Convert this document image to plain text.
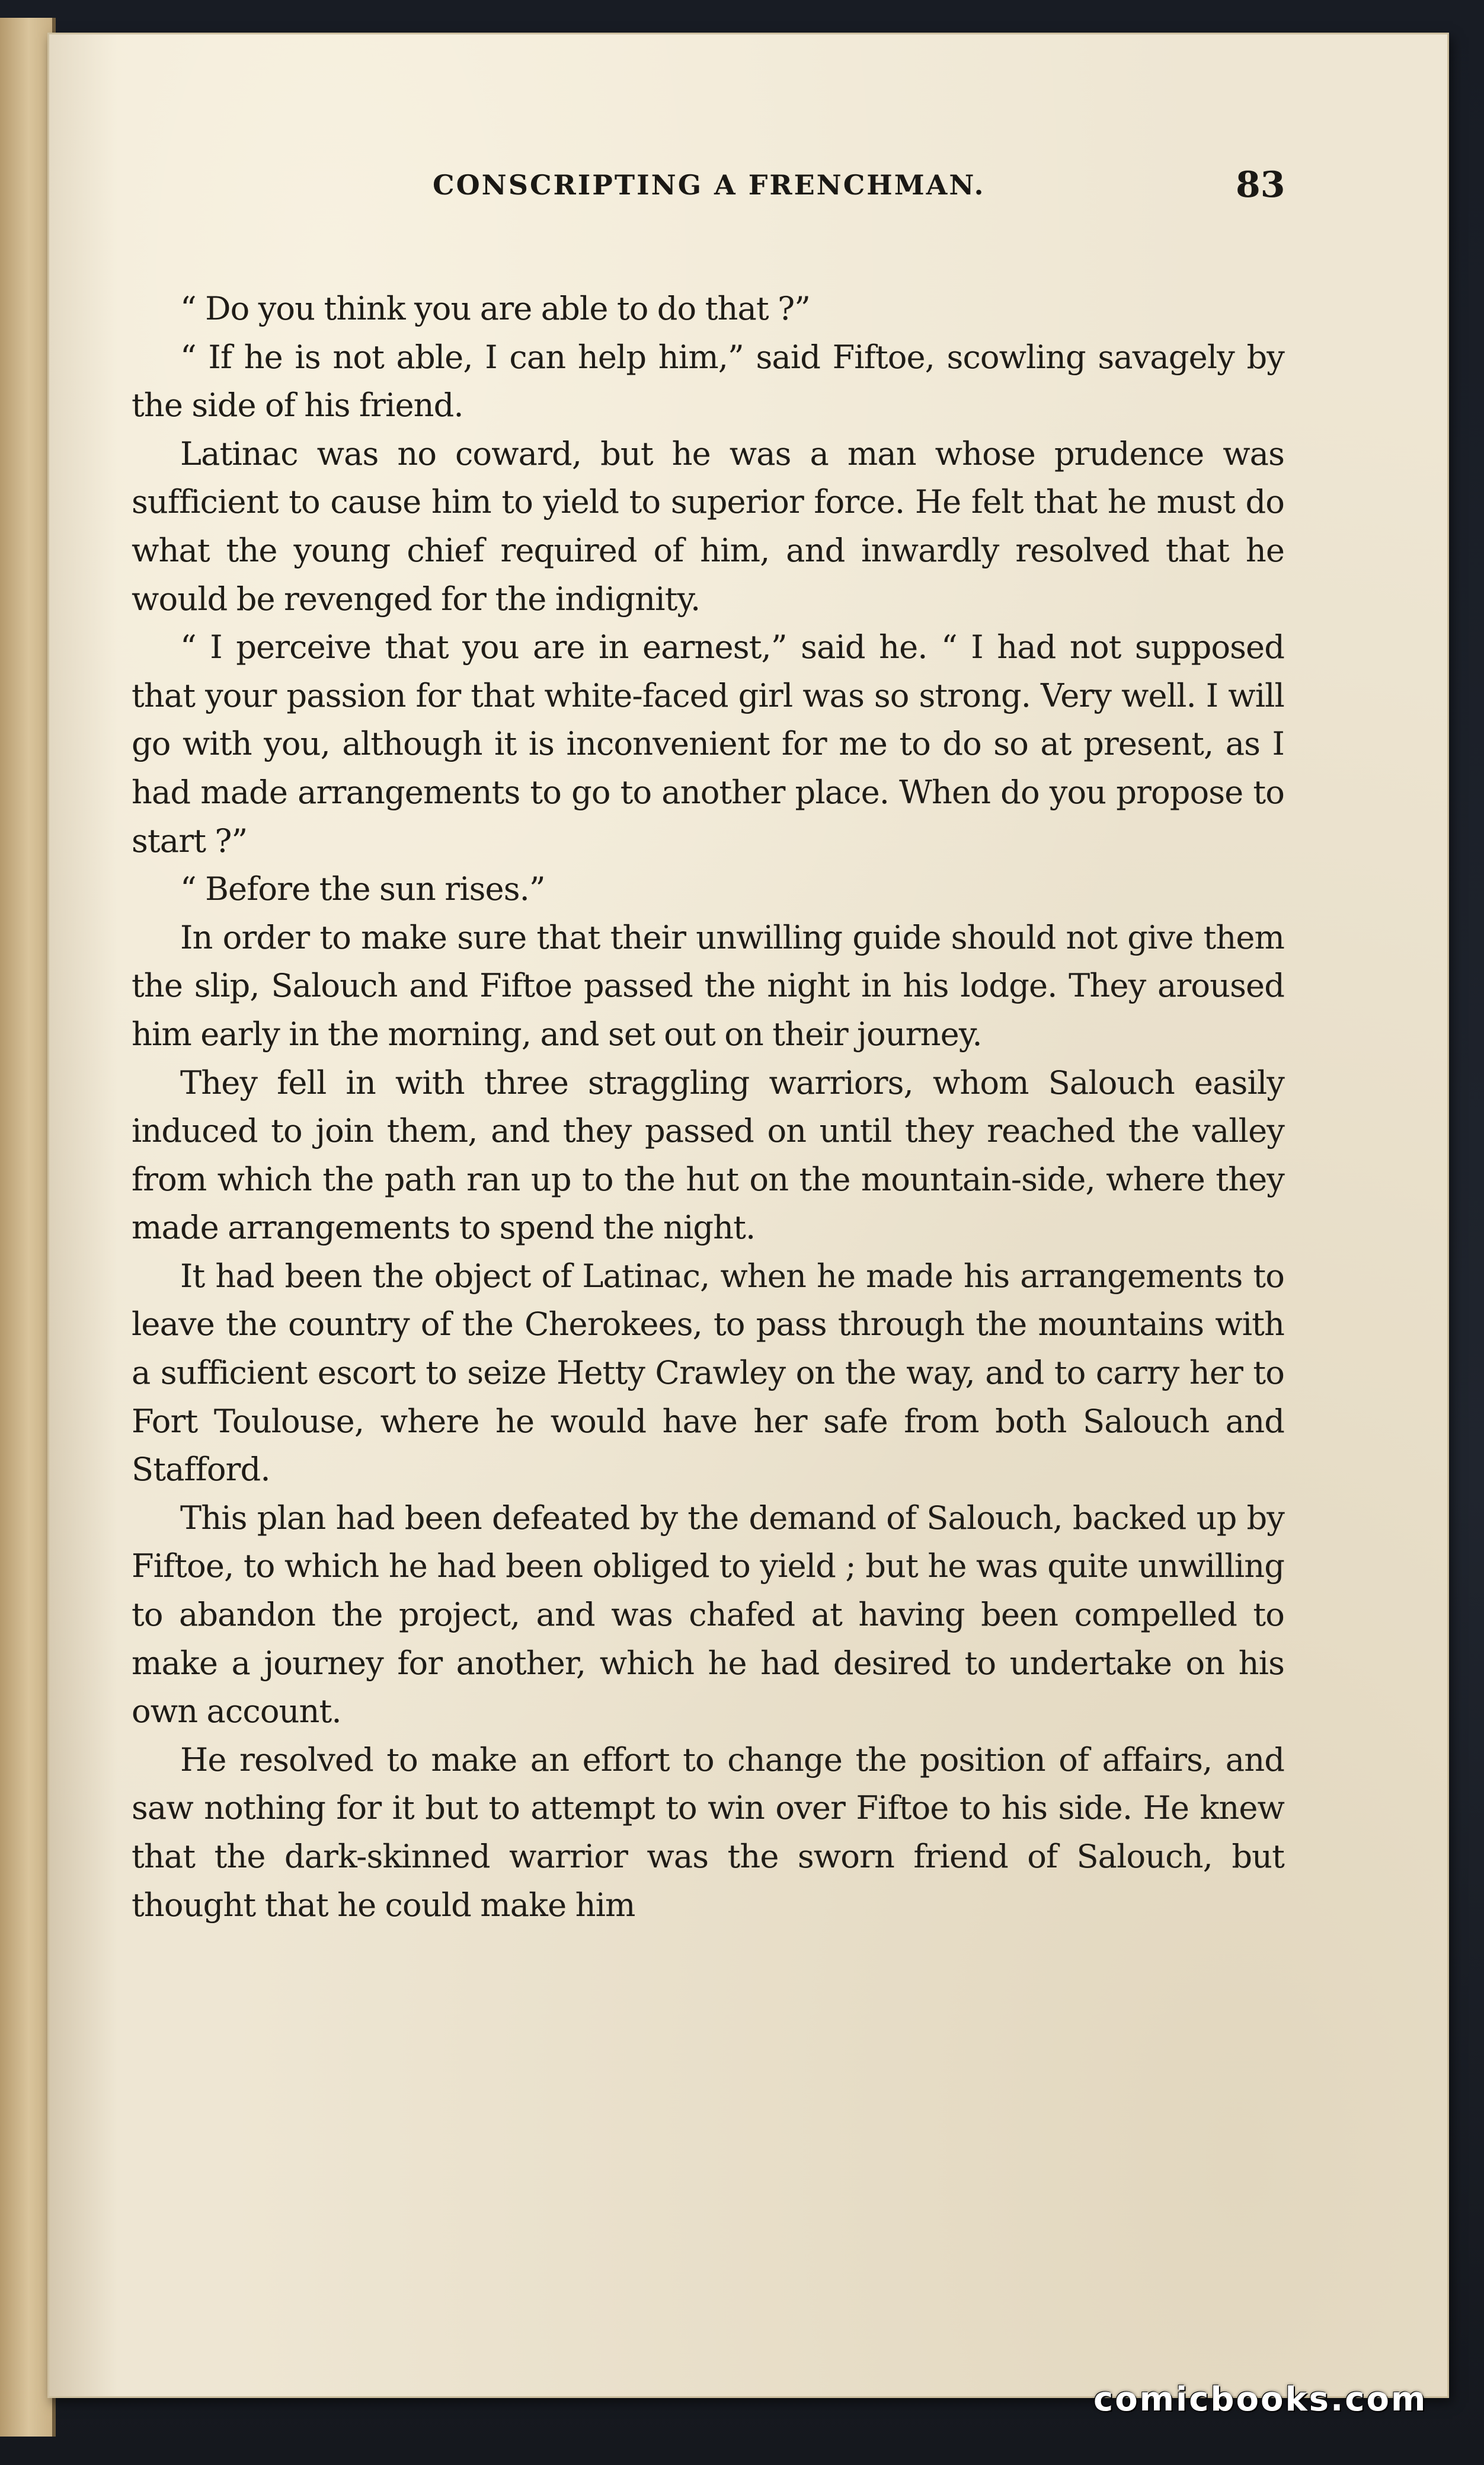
CONSCRIPTING A FRENCHMAN.	83

“ Do you think you are able to do that ?”

“ If he is not able, I can help him,” said Fiftoe, scowling savagely by the side of his friend.

Latinac was no coward, but he was a man whose prudence was sufficient to cause him to yield to superior force. He felt that he must do what the young chief required of him, and inwardly resolved that he would be revenged for the indignity.

“ I perceive that you are in earnest,” said he. “ I had not supposed that your passion for that white-faced girl was so strong. Very well. I will go with you, although it is inconvenient for me to do so at present, as I had made arrangements to go to another place. When do you propose to start ?”

“ Before the sun rises.”

In order to make sure that their unwilling guide should not give them the slip, Salouch and Fiftoe passed the night in his lodge. They aroused him early in the morning, and set out on their journey.

They fell in with three straggling warriors, whom Salouch easily induced to join them, and they passed on until they reached the valley from which the path ran up to the hut on the mountain-side, where they made arrangements to spend the night.

It had been the object of Latinac, when he made his arrangements to leave the country of the Cherokees, to pass through the mountains with a sufficient escort to seize Hetty Crawley on the way, and to carry her to Fort Toulouse, where he would have her safe from both Salouch and Stafford.

This plan had been defeated by the demand of Salouch, backed up by Fiftoe, to which he had been obliged to yield ; but he was quite unwilling to abandon the project, and was chafed at having been compelled to make a journey for another, which he had desired to undertake on his own account.

He resolved to make an effort to change the position of affairs, and saw nothing for it but to attempt to win over Fiftoe to his side. He knew that the dark-skinned warrior was the sworn friend of Salouch, but thought that he could make him

comicbooks.com
